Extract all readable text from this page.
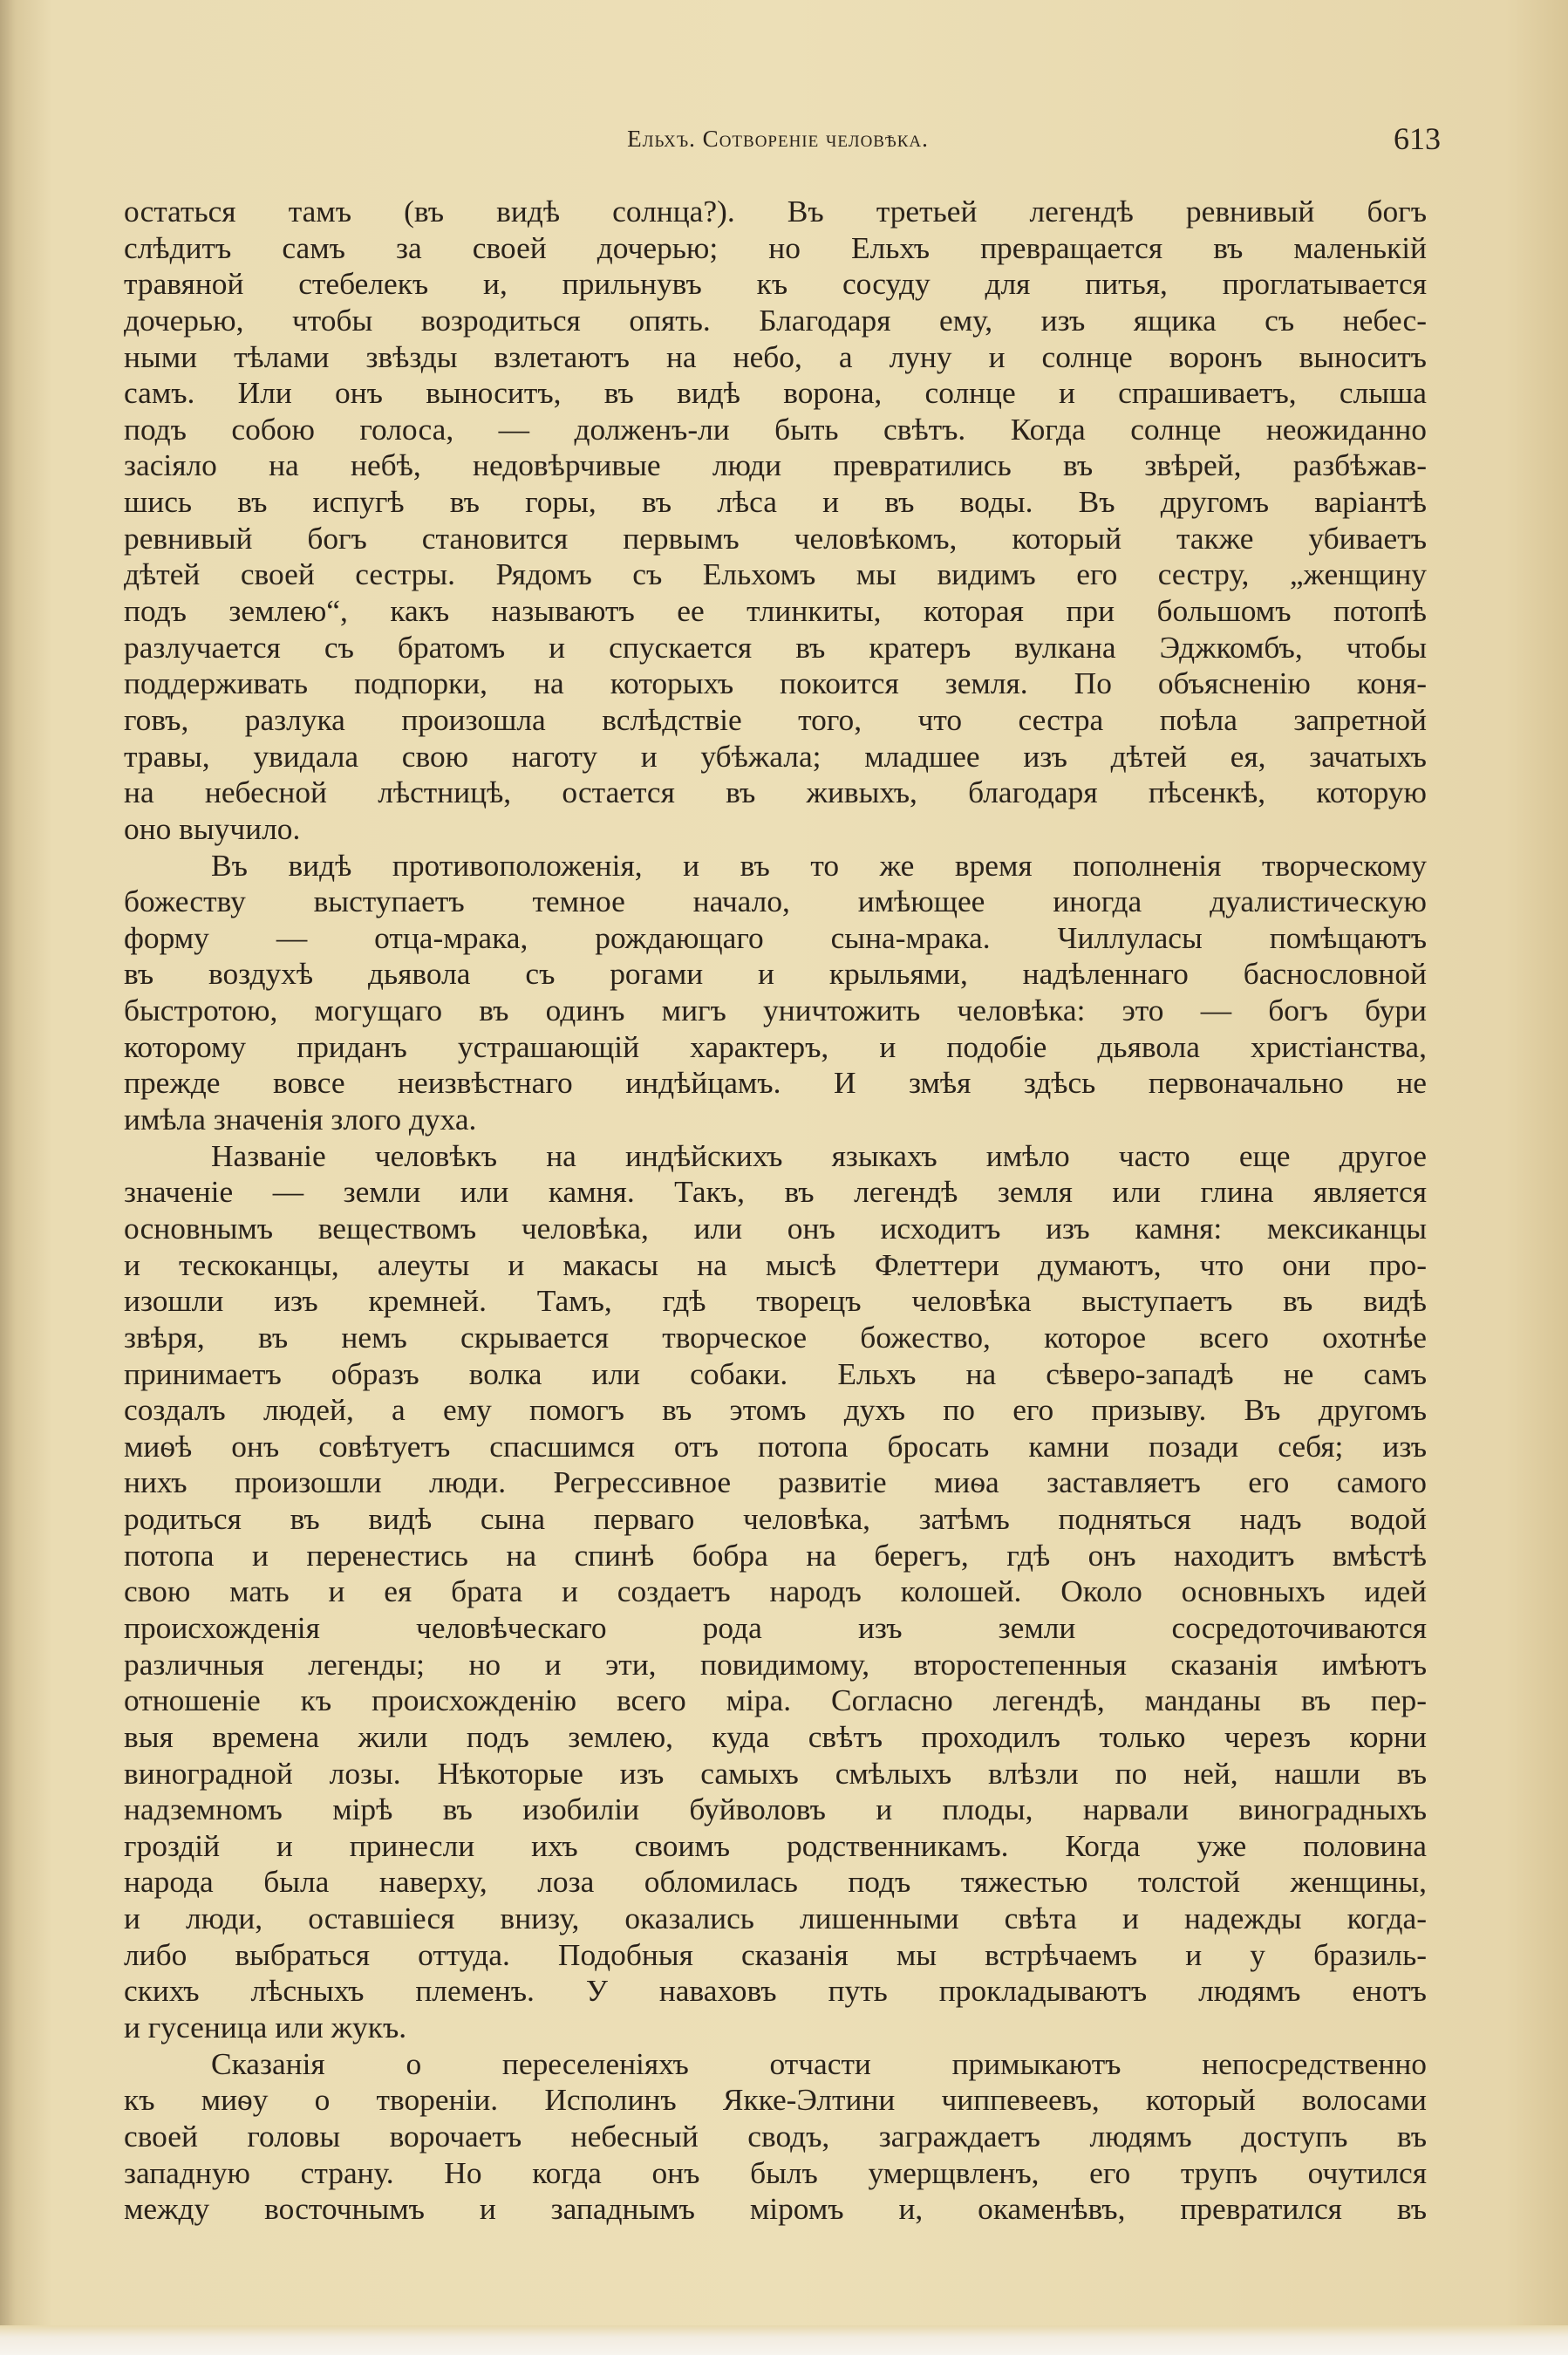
Ельхъ. Сотвореніе человѣка.	613
остаться тамъ (въ видѣ солнца?). Въ третьей легендѣ ревнивый богъ
слѣдитъ самъ за своей дочерью; но Ельхъ превращается въ маленькій
травяной стебелекъ и, прильнувъ къ сосуду для питья, проглатывается
дочерью, чтобы возродиться опять. Благодаря ему, изъ ящика съ небес-
ными тѣлами звѣзды взлетаютъ на небо, а луну и солнце воронъ выноситъ
самъ. Или онъ выноситъ, въ видѣ ворона, солнце и спрашиваетъ, слыша
подъ собою голоса, — долженъ-ли быть свѣтъ. Когда солнце неожиданно
засіяло на небѣ, недовѣрчивые люди превратились въ звѣрей, разбѣжав-
шись въ испугѣ въ горы, въ лѣса и въ воды. Въ другомъ варіантѣ
ревнивый богъ становится первымъ человѣкомъ, который также убиваетъ
дѣтей своей сестры. Рядомъ съ Ельхомъ мы видимъ его сестру, „женщину
подъ землею“, какъ называютъ ее тлинкиты, которая при большомъ потопѣ
разлучается съ братомъ и спускается въ кратеръ вулкана Эджкомбъ, чтобы
поддерживать подпорки, на которыхъ покоится земля. По объясненію коня-
говъ, разлука произошла вслѣдствіе того, что сестра поѣла запретной
травы, увидала свою наготу и убѣжала; младшее изъ дѣтей ея, зачатыхъ
на небесной лѣстницѣ, остается въ живыхъ, благодаря пѣсенкѣ, которую
оно выучило.
Въ видѣ противоположенія, и въ то же время пополненія творческому
божеству выступаетъ темное начало, имѣющее иногда дуалистическую
форму — отца-мрака, рождающаго сына-мрака. Чиллуласы помѣщаютъ
въ воздухѣ дьявола съ рогами и крыльями, надѣленнаго баснословной
быстротою, могущаго въ одинъ мигъ уничтожить человѣка: это — богъ бури
которому приданъ устрашающій характеръ, и подобіе дьявола христіанства,
прежде вовсе неизвѣстнаго индѣйцамъ. И змѣя здѣсь первоначально не
имѣла значенія злого духа.
Названіе человѣкъ на индѣйскихъ языкахъ имѣло часто еще другое
значеніе — земли или камня. Такъ, въ легендѣ земля или глина является
основнымъ веществомъ человѣка, или онъ исходитъ изъ камня: мексиканцы
и тескоканцы, алеуты и макасы на мысѣ Флеттери думаютъ, что они про-
изошли изъ кремней. Тамъ, гдѣ творецъ человѣка выступаетъ въ видѣ
звѣря, въ немъ скрывается творческое божество, которое всего охотнѣе
принимаетъ образъ волка или собаки. Ельхъ на сѣверо-западѣ не самъ
создалъ людей, а ему помогъ въ этомъ духъ по его призыву. Въ другомъ
миѳѣ онъ совѣтуетъ спасшимся отъ потопа бросать камни позади себя; изъ
нихъ произошли люди. Регрессивное развитіе миѳа заставляетъ его самого
родиться въ видѣ сына перваго человѣка, затѣмъ подняться надъ водой
потопа и перенестись на спинѣ бобра на берегъ, гдѣ онъ находитъ вмѣстѣ
свою мать и ея брата и создаетъ народъ колошей. Около основныхъ идей
происхожденія человѣческаго рода изъ земли сосредоточиваются
различныя легенды; но и эти, повидимому, второстепенныя сказанія имѣютъ
отношеніе къ происхожденію всего міра. Согласно легендѣ, манданы въ пер-
выя времена жили подъ землею, куда свѣтъ проходилъ только черезъ корни
виноградной лозы. Нѣкоторые изъ самыхъ смѣлыхъ влѣзли по ней, нашли въ
надземномъ мірѣ въ изобиліи буйволовъ и плоды, нарвали виноградныхъ
гроздій и принесли ихъ своимъ родственникамъ. Когда уже половина
народа была наверху, лоза обломилась подъ тяжестью толстой женщины,
и люди, оставшіеся внизу, оказались лишенными свѣта и надежды когда-
либо выбраться оттуда. Подобныя сказанія мы встрѣчаемъ и у бразиль-
скихъ лѣсныхъ племенъ. У наваховъ путь прокладываютъ людямъ енотъ
и гусеница или жукъ.
Сказанія о переселеніяхъ отчасти примыкаютъ непосредственно
къ миѳу о твореніи. Исполинъ Якке-Элтини чиппевеевъ, который волосами
своей головы ворочаетъ небесный сводъ, заграждаетъ людямъ доступъ въ
западную страну. Но когда онъ былъ умерщвленъ, его трупъ очутился
между восточнымъ и западнымъ міромъ и, окаменѣвъ, превратился въ
